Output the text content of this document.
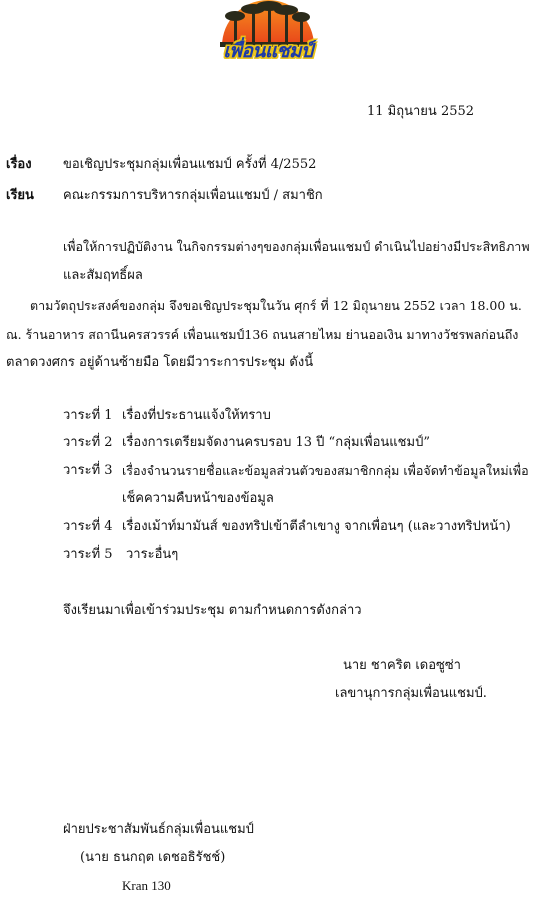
เพื่อนแชมป์
11 มิถุนายน 2552
เรื่อง ขอเชิญประชุมกลุ่มเพื่อนแชมป์ ครั้งที่ 4/2552
เรียน คณะกรรมการบริหารกลุ่มเพื่อนแชมป์ / สมาชิก
เพื่อให้การปฏิบัติงาน ในกิจกรรมต่างๆของกลุ่มเพื่อนแชมป์ ดำเนินไปอย่างมีประสิทธิภาพ
และสัมฤทธิ์ผล
ตามวัตถุประสงค์ของกลุ่ม จึงขอเชิญประชุมในวัน ศุกร์ ที่ 12 มิถุนายน 2552 เวลา 18.00 น.
ณ. ร้านอาหาร สถานีนครสวรรค์ เพื่อนแชมป์136 ถนนสายไหม ย่านออเงิน มาทางวัชรพลก่อนถึง
ตลาดวงศกร อยู่ด้านซ้ายมือ โดยมีวาระการประชุม ดังนี้
วาระที่ 1 เรื่องที่ประธานแจ้งให้ทราบ
วาระที่ 2 เรื่องการเตรียมจัดงานครบรอบ 13 ปี “กลุ่มเพื่อนแชมป์”
วาระที่ 3 เรื่องจำนวนรายชื่อและข้อมูลส่วนตัวของสมาชิกกลุ่ม เพื่อจัดทำข้อมูลใหม่เพื่อ
เช็คความคืบหน้าของข้อมูล
วาระที่ 4 เรื่องเม้าท์มามันส์ ของทริปเข้าตีลำเขางู จากเพื่อนๆ (และวางทริปหน้า)
วาระที่ 5 วาระอื่นๆ
จึงเรียนมาเพื่อเข้าร่วมประชุม ตามกำหนดการดังกล่าว
นาย ชาคริต เดอซูซ่า
เลขานุการกลุ่มเพื่อนแชมป์.
ฝ่ายประชาสัมพันธ์กลุ่มเพื่อนแชมป์
(นาย ธนกฤต เดชอธิรัชช์)
Kran 130
